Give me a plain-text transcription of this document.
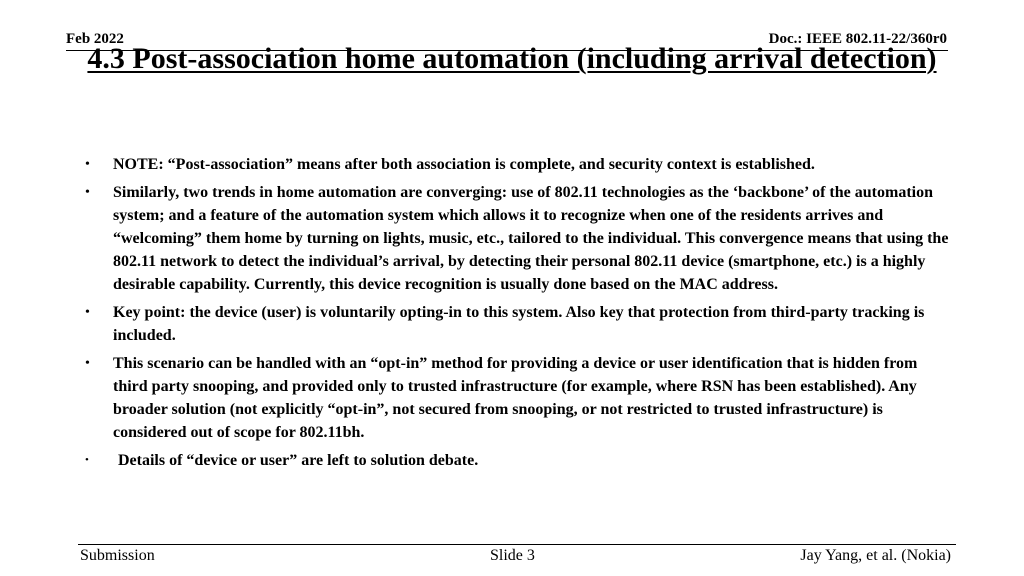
Feb 2022	Doc.: IEEE 802.11-22/360r0
4.3 Post-association home automation (including arrival detection)
• NOTE: “Post-association” means after both association is complete, and security context is established.
• Similarly, two trends in home automation are converging: use of 802.11 technologies as the ‘backbone’ of the automation system; and a feature of the automation system which allows it to recognize when one of the residents arrives and “welcoming” them home by turning on lights, music, etc., tailored to the individual. This convergence means that using the 802.11 network to detect the individual’s arrival, by detecting their personal 802.11 device (smartphone, etc.) is a highly desirable capability. Currently, this device recognition is usually done based on the MAC address.
• Key point: the device (user) is voluntarily opting-in to this system. Also key that protection from third-party tracking is included.
• This scenario can be handled with an “opt-in” method for providing a device or user identification that is hidden from third party snooping, and provided only to trusted infrastructure (for example, where RSN has been established). Any broader solution (not explicitly “opt-in”, not secured from snooping, or not restricted to trusted infrastructure) is considered out of scope for 802.11bh.
• Details of “device or user” are left to solution debate.
Submission	Slide 3	Jay Yang, et al. (Nokia)
